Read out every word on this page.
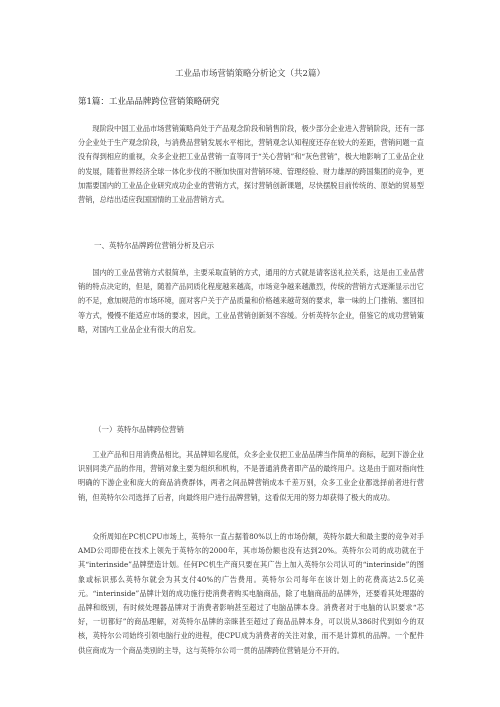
工业品市场营销策略分析论文（共2篇）
第1篇：工业品品牌跨位营销策略研究

现阶段中国工业品市场营销策略尚处于产品观念阶段和销售阶段，极少部分企业进入营销阶段，还有一部分企业处于生产观念阶段，与消费品营销发展水平相比，营销观念认知程度还存在较大的差距，营销问题一直没有得到相应的重视，众多企业把工业品营销一直等同于“关心营销”和“灰色营销”，极大地影响了工业品企业的发展，随着世界经济全球一体化步伐的不断加快面对营销环境、管理经验、财力雄厚的跨国集团的竞争，更加需要国内的工业品企业研究成功企业的营销方式，探讨营销创新课题，尽快摆脱目前传统的、原始的贸易型营销，总结出适应我国国情的工业品营销方式。

一、英特尔品牌跨位营销分析及启示

国内的工业品营销方式很简单，主要采取直销的方式，通用的方式就是请客送礼拉关系，这是由工业品营销的特点决定的，但是，随着产品同质化程度越来越高，市场竞争越来越激烈，传统的营销方式逐渐显示出它的不足，愈加规范的市场环境，面对客户关于产品质量和价格越来越苛刻的要求，靠一味的上门推销、塞回扣等方式，慢慢不能适应市场的要求，因此，工业品营销创新刻不容缓。分析英特尔企业，借鉴它的成功营销策略，对国内工业品企业有很大的启发。

（一）英特尔品牌跨位营销

工业产品和日用消费品相比，其品牌知名度低，众多企业仅把工业品品牌当作简单的商标，起到下游企业识别同类产品的作用，营销对象主要为组织和机构，不是普通消费者即产品的最终用户。这是由于面对指向性明确的下游企业和庞大的商品消费群体，两者之间品牌营销成本千差万别，众多工业企业都选择前者进行营销，但英特尔公司选择了后者，向最终用户进行品牌营销，这看似无用的努力却获得了极大的成功。

众所周知在PC机CPU市场上，英特尔一直占据着80%以上的市场份额，英特尔最大和最主要的竞争对手AMD公司即使在技术上领先于英特尔的2000年，其市场份额也没有达到20%。英特尔公司的成功就在于其“interinside”品牌塑造计划。任何PC机生产商只要在其广告上加入英特尔公司认可的“interinside”的图象或标识那么英特尔就会为其支付40%的广告费用。英特尔公司每年在该计划上的花费高达2.5亿美元。“interinside”品牌计划的成功施行使消费者购买电脑商品，除了电脑商品的品牌外，还要看其处理器的品牌和级别，有时候处理器品牌对于消费者影响甚至超过了电脑品牌本身。消费者对于电脑的认识要求“芯好，一切都好”的商品理解，对英特尔品牌的亲睐甚至超过了商品品牌本身，可以说从386时代到如今的双核，英特尔公司始终引领电脑行业的进程，使CPU成为消费者的关注对象，而不是计算机的品牌。一个配件供应商成为一个商品类别的主导，这与英特尔公司一贯的品牌跨位营销是分不开的。
